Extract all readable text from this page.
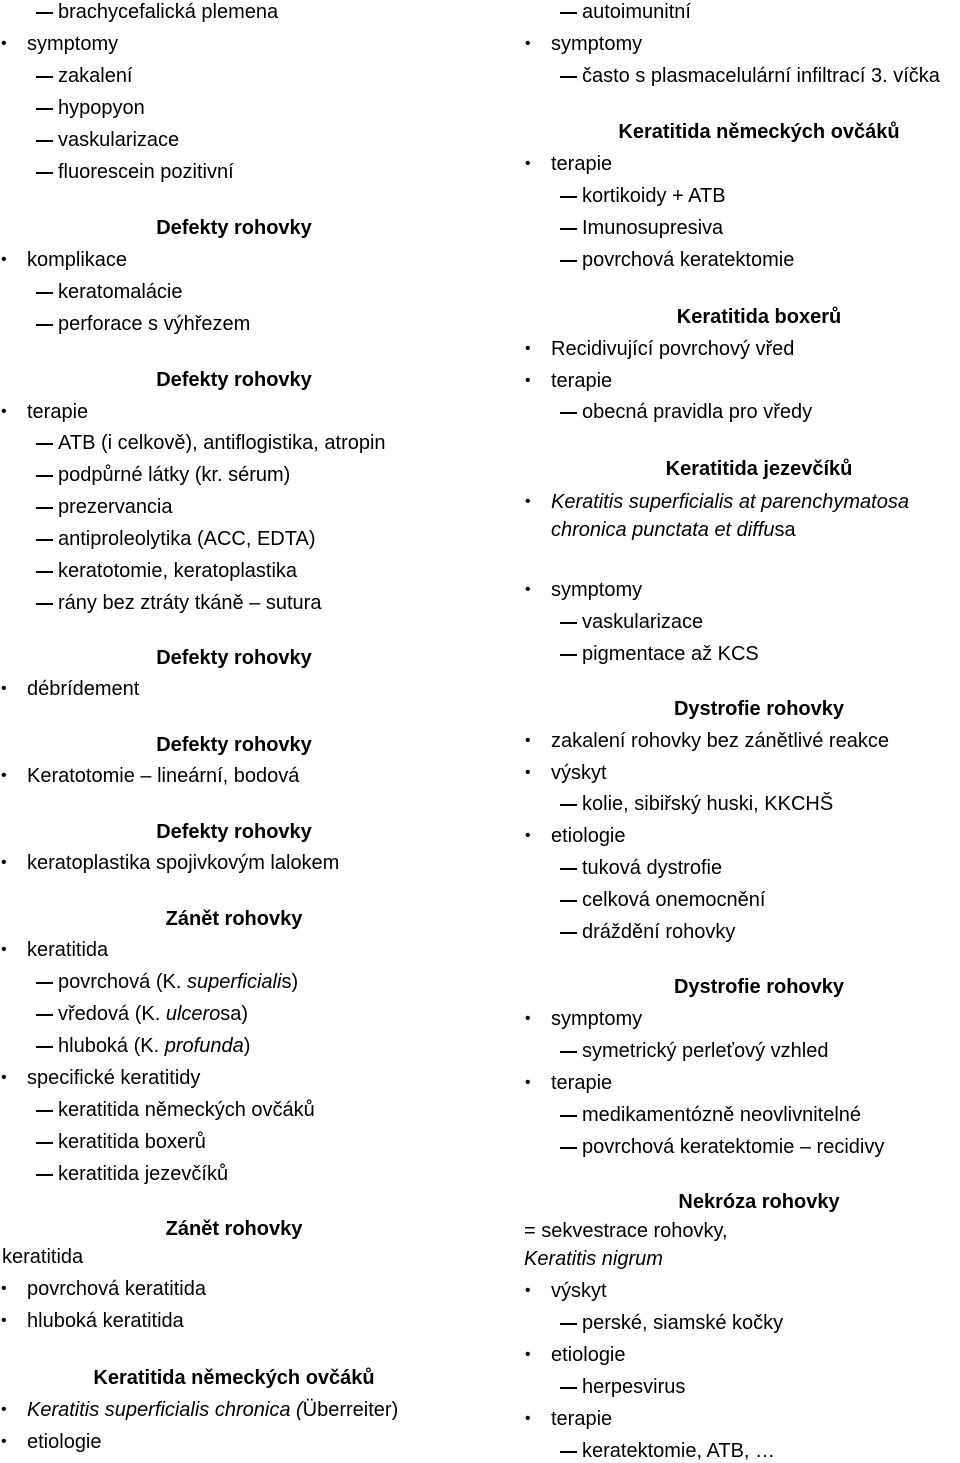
brachycefalická plemena
• symptomy
zakalení
hypopyon
vaskularizace
fluorescein pozitivní
Defekty rohovky
• komplikace
keratomalácie
perforace s výhřezem
Defekty rohovky
• terapie
ATB (i celkově), antiflogistika, atropin
podpůrné látky (kr. sérum)
prezervancia
antiproleolytika (ACC, EDTA)
keratotomie, keratoplastika
rány bez ztráty tkáně – sutura
Defekty rohovky
• débrídement
Defekty rohovky
• Keratotomie – lineární, bodová
Defekty rohovky
• keratoplastika spojivkovým lalokem
Zánět rohovky
• keratitida
povrchová (K. superficialis)
vředová (K. ulcerosa)
hluboká (K. profunda)
• specifické keratitidy
keratitida německých ovčáků
keratitida boxerů
keratitida jezevčíků
Zánět rohovky
keratitida
• povrchová keratitida
• hluboká keratitida
Keratitida německých ovčáků
• Keratitis superficialis chronica (Überreiter)
• etiologie
autoimunitní
• symptomy
často s plasmacelulární infiltrací 3. víčka
Keratitida německých ovčáků
• terapie
kortikoidy + ATB
Imunosupresiva
povrchová keratektomie
Keratitida boxerů
• Recidivující povrchový vřed
• terapie
obecná pravidla pro vředy
Keratitida jezevčíků
• Keratitis superficialis at parenchymatosa chronica punctata et diffusa
• symptomy
vaskularizace
pigmentace až KCS
Dystrofie rohovky
• zakalení rohovky bez zánětlivé reakce
• výskyt
kolie, sibiřský huski, KKCHŠ
• etiologie
tuková dystrofie
celková onemocnění
dráždění rohovky
Dystrofie rohovky
• symptomy
symetrický perleťový vzhled
• terapie
medikamentózně neovlivnitelné
povrchová keratektomie – recidivy
Nekróza rohovky
= sekvestrace rohovky,
Keratitis nigrum
• výskyt
perské, siamské kočky
• etiologie
herpesvirus
• terapie
keratektomie, ATB, …
